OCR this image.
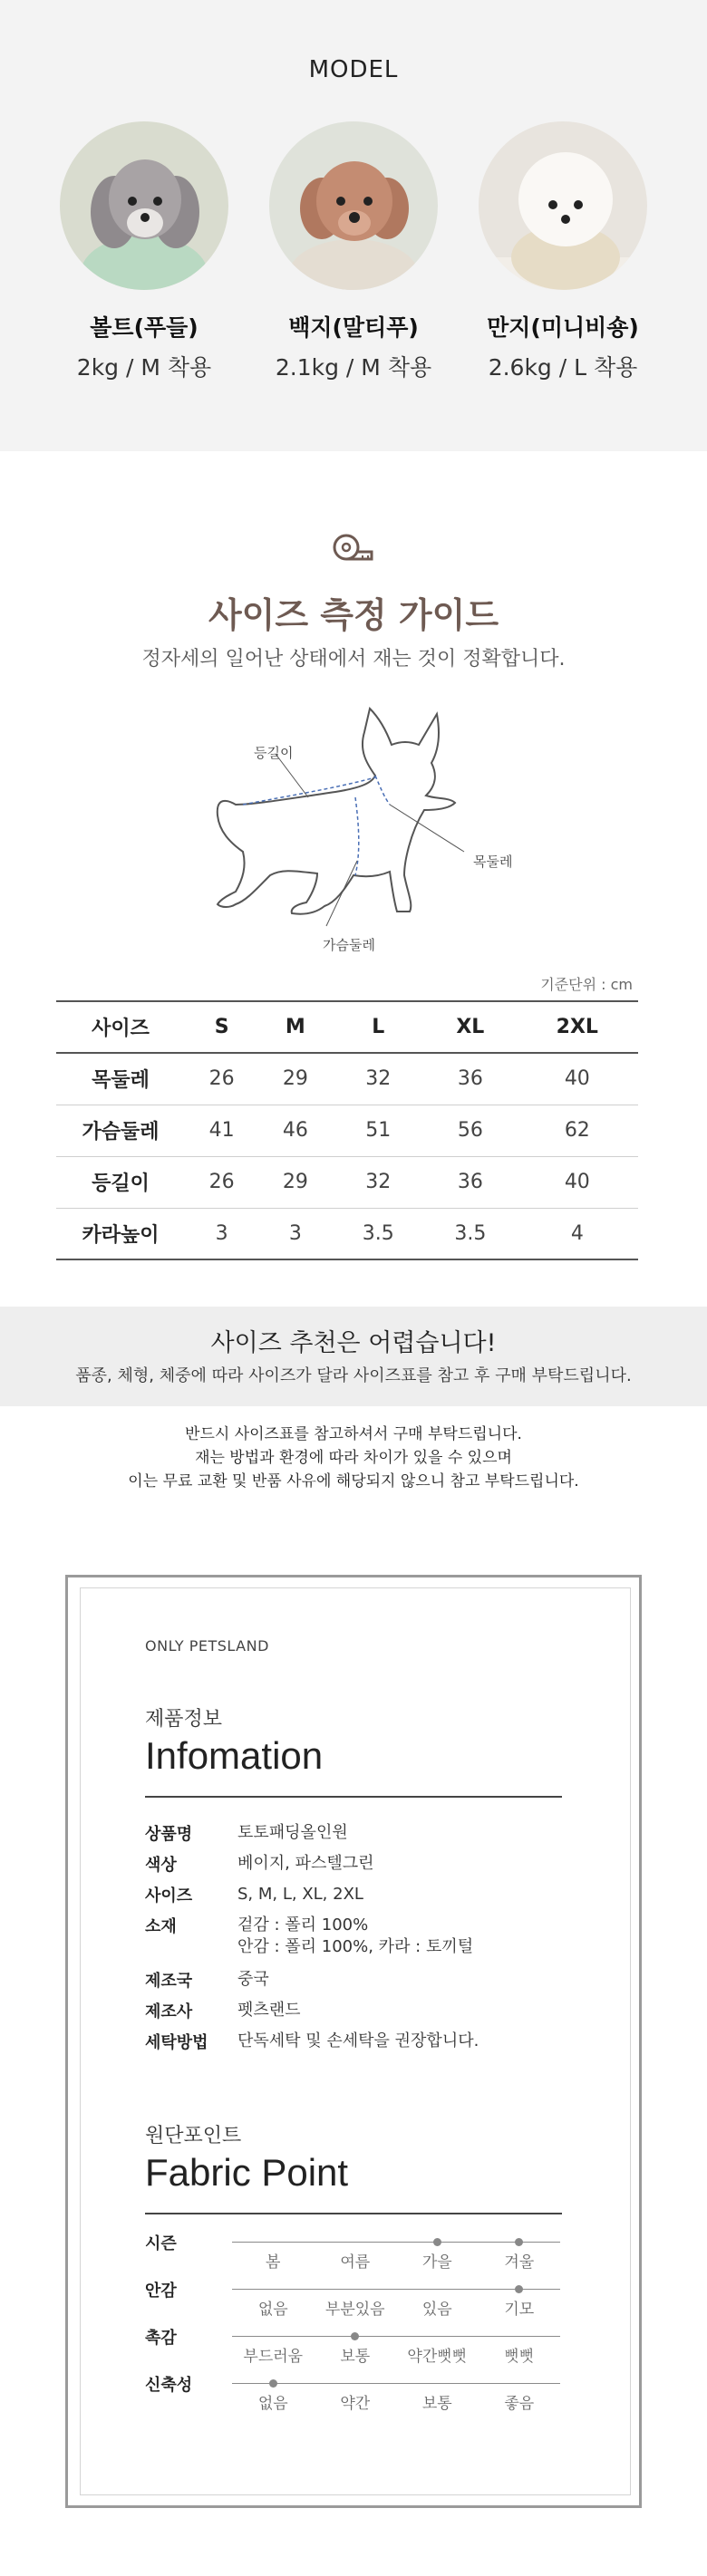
MODEL
볼트(푸들)
2kg / M 착용
백지(말티푸)
2.1kg / M 착용
만지(미니비숑)
2.6kg / L 착용
사이즈 측정 가이드
정자세의 일어난 상태에서 재는 것이 정확합니다.
등길이
목둘레
가슴둘레
기준단위 : cm
사이즈	S	M	L	XL	2XL
목둘레	26	29	32	36	40
가슴둘레	41	46	51	56	62
등길이	26	29	32	36	40
카라높이	3	3	3.5	3.5	4
사이즈 추천은 어렵습니다!
품종, 체형, 체중에 따라 사이즈가 달라 사이즈표를 참고 후 구매 부탁드립니다.
반드시 사이즈표를 참고하셔서 구매 부탁드립니다.
재는 방법과 환경에 따라 차이가 있을 수 있으며
이는 무료 교환 및 반품 사유에 해당되지 않으니 참고 부탁드립니다.
ONLY PETSLAND
제품정보
Infomation
상품명	토토패딩올인원
색상	베이지, 파스텔그린
사이즈	S, M, L, XL, 2XL
소재	겉감 : 폴리 100%
안감 : 폴리 100%, 카라 : 토끼털
제조국	중국
제조사	펫츠랜드
세탁방법 단독세탁 및 손세탁을 권장합니다.
원단포인트
Fabric Point
시즌
봄	여름	가을	겨울
안감
없음	부분있음	있음	기모
촉감
부드러움	보통	약간뻣뻣	뻣뻣
신축성
없음	약간	보통	좋음
